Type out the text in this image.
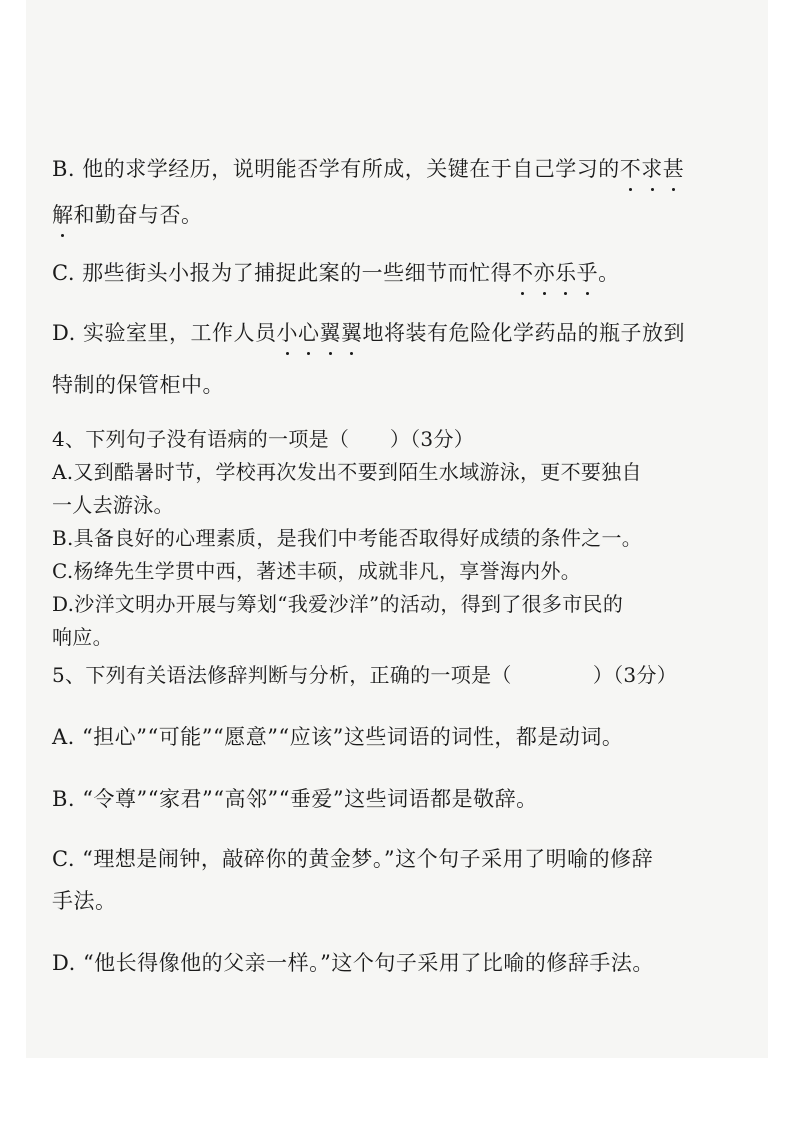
B. 他的求学经历，说明能否学有所成，关键在于自己学习的不求甚
解和勤奋与否。
C. 那些街头小报为了捕捉此案的一些细节而忙得不亦乐乎。
D. 实验室里，工作人员小心翼翼地将装有危险化学药品的瓶子放到
特制的保管柜中。
4、下列句子没有语病的一项是（　　）（3分）
A.又到酷暑时节，学校再次发出不要到陌生水域游泳，更不要独自
一人去游泳。
B.具备良好的心理素质，是我们中考能否取得好成绩的条件之一。
C.杨绛先生学贯中西，著述丰硕，成就非凡，享誉海内外。
D.沙洋文明办开展与筹划“我爱沙洋”的活动，得到了很多市民的
响应。
5、下列有关语法修辞判断与分析，正确的一项是（　　　　）（3分）
A. “担心”“可能”“愿意”“应该”这些词语的词性，都是动词。
B. “令尊”“家君”“高邻”“垂爱”这些词语都是敬辞。
C. “理想是闹钟，敲碎你的黄金梦。”这个句子采用了明喻的修辞
手法。
D. “他长得像他的父亲一样。”这个句子采用了比喻的修辞手法。
